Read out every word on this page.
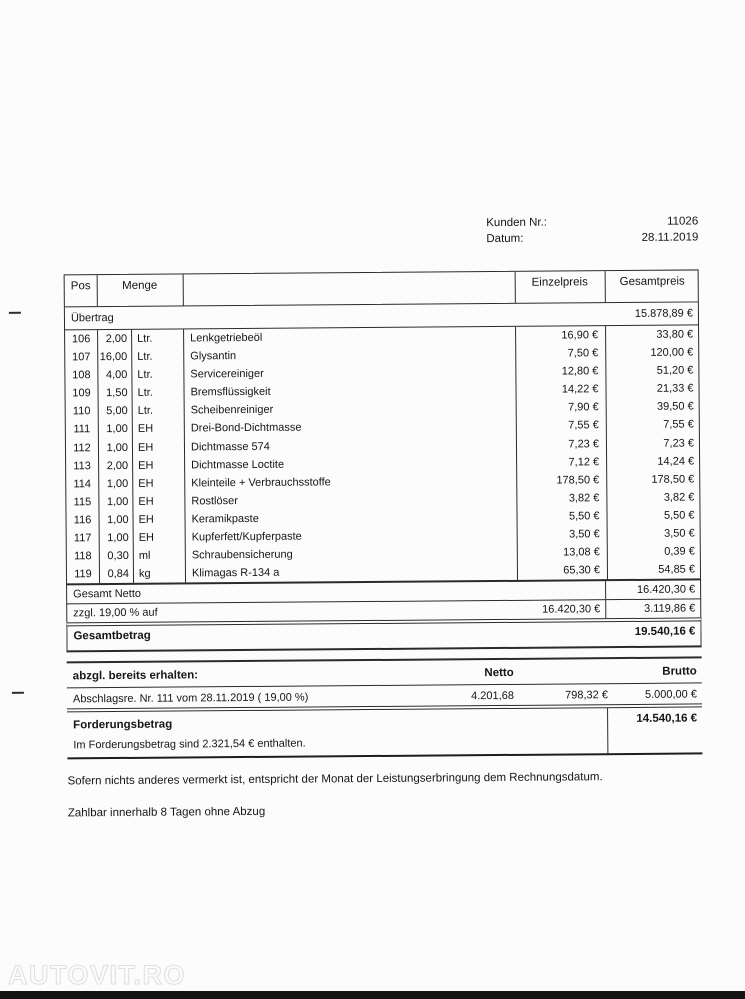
Kunden Nr.:	11026
Datum:	28.11.2019
Pos	Menge	Einzelpreis	Gesamtpreis
Übertrag	15.878,89 €
106	2,00 Ltr.	Lenkgetriebeöl	16,90 €	33,80 €
107 16,00 Ltr.	Glysantin	7,50 €	120,00 €
108	4,00 Ltr.	Servicereiniger	12,80 €	51,20 €
109	1,50 Ltr.	Bremsflüssigkeit	14,22 €	21,33 €
110	5,00 Ltr.	Scheibenreiniger	7,90 €	39,50 €
111	1,00 EH	Drei-Bond-Dichtmasse	7,55 €	7,55 €
112	1,00 EH	Dichtmasse 574	7,23 €	7,23 €
113	2,00 EH	Dichtmasse Loctite	7,12 €	14,24 €
114	1,00 EH	Kleinteile + Verbrauchsstoffe	178,50 €	178,50 €
115	1,00 EH	Rostlöser	3,82 €	3,82 €
116	1,00 EH	Keramikpaste	5,50 €	5,50 €
117	1,00 EH	Kupferfett/Kupferpaste	3,50 €	3,50 €
118	0,30 ml	Schraubensicherung	13,08 €	0,39 €
119	0,84 kg	Klimagas R-134 a	65,30 €	54,85 €
Gesamt Netto	16.420,30 €
zzgl. 19,00 % auf	16.420,30 €	3.119,86 €
Gesamtbetrag	19.540,16 €
abzgl. bereits erhalten:	Netto	Brutto
Abschlagsre. Nr. 111 vom 28.11.2019 ( 19,00 %)	4.201,68	798,32 €	5.000,00 €
Forderungsbetrag	14.540,16 €
Im Forderungsbetrag sind 2.321,54 € enthalten.
Sofern nichts anderes vermerkt ist, entspricht der Monat der Leistungserbringung dem Rechnungsdatum.
Zahlbar innerhalb 8 Tagen ohne Abzug
AUTOVIT.RO
